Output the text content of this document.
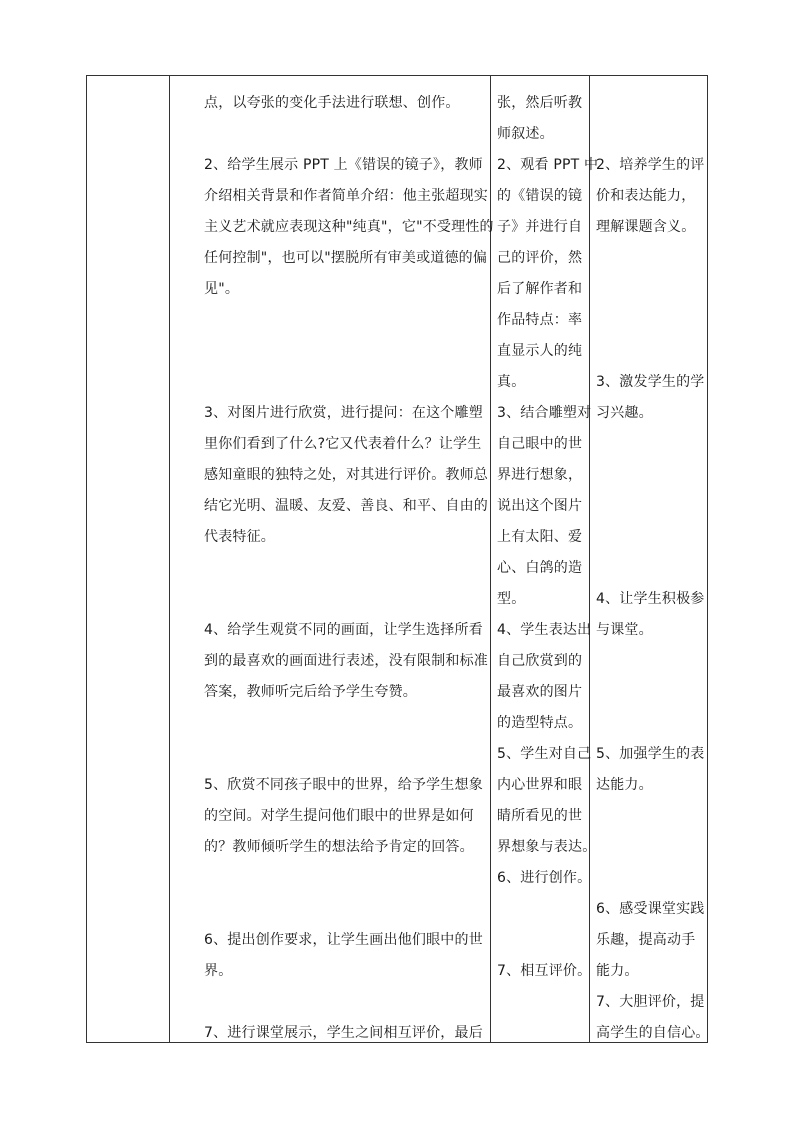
点，以夸张的变化手法进行联想、创作。
2、给学生展示 PPT 上《错误的镜子》，教师
介绍相关背景和作者简单介绍：他主张超现实
主义艺术就应表现这种"纯真"，它"不受理性的
任何控制"，也可以"摆脱所有审美或道德的偏
见"。
3、对图片进行欣赏，进行提问：在这个雕塑
里你们看到了什么?它又代表着什么？让学生
感知童眼的独特之处，对其进行评价。教师总
结它光明、温暖、友爱、善良、和平、自由的
代表特征。
4、给学生观赏不同的画面，让学生选择所看
到的最喜欢的画面进行表述，没有限制和标准
答案，教师听完后给予学生夸赞。
5、欣赏不同孩子眼中的世界，给予学生想象
的空间。对学生提问他们眼中的世界是如何
的？教师倾听学生的想法给予肯定的回答。
6、提出创作要求，让学生画出他们眼中的世
界。
7、进行课堂展示，学生之间相互评价，最后
张，然后听教
师叙述。
2、观看 PPT 中
的《错误的镜
子》并进行自
己的评价，然
后了解作者和
作品特点：率
直显示人的纯
真。
3、结合雕塑对
自己眼中的世
界进行想象，
说出这个图片
上有太阳、爱
心、白鸽的造
型。
4、学生表达出
自己欣赏到的
最喜欢的图片
的造型特点。
5、学生对自己
内心世界和眼
睛所看见的世
界想象与表达。
6、进行创作。
7、相互评价。
2、培养学生的评
价和表达能力，
理解课题含义。
3、激发学生的学
习兴趣。
4、让学生积极参
与课堂。
5、加强学生的表
达能力。
6、感受课堂实践
乐趣，提高动手
能力。
7、大胆评价，提
高学生的自信心。
